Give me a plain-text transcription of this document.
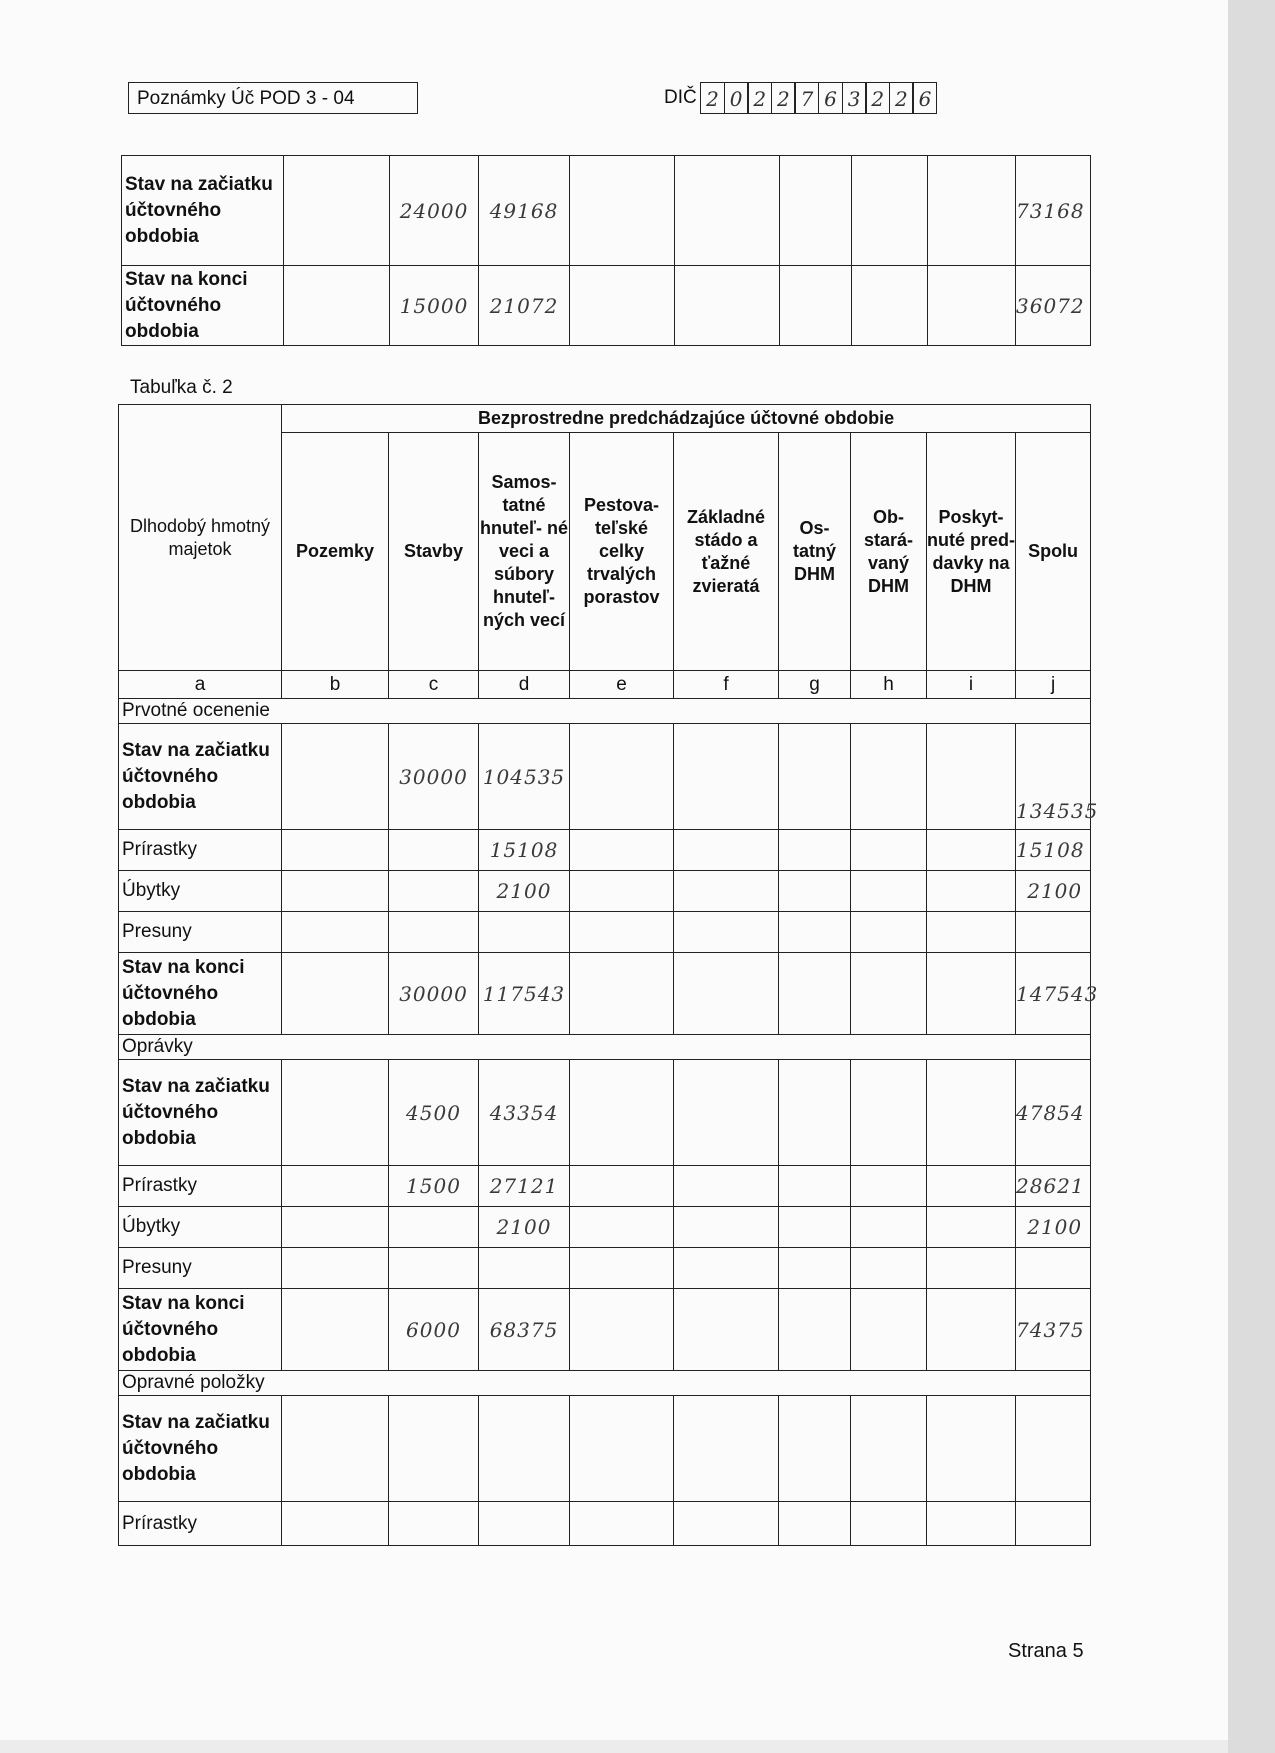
Poznámky Úč POD 3 - 04	DIČ 2 0 2 2 7 6 3 2 2 6
Stav na začiatku účtovného obdobia		24000	49168						73168
Stav na konci účtovného obdobia		15000	21072						36072
Tabuľka č. 2
Dlhodobý hmotný majetok	Bezprostredne predchádzajúce účtovné obdobie								
	Pozemky	Stavby	Samos- tatné hnuteľ- né veci a súbory hnuteľ- ných vecí	Pestova- teľské celky trvalých porastov	Základné stádo a ťažné zvieratá	Os- tatný DHM	Ob- stará- vaný DHM	Poskyt- nuté pred- davky na DHM	Spolu
a	b	c	d	e	f	g	h	i	j
Prvotné ocenenie									
Stav na začiatku účtovného obdobia		30000	104535						134535
Prírastky			15108						15108
Úbytky			2100						2100
Presuny									
Stav na konci účtovného obdobia		30000	117543						147543
Oprávky									
Stav na začiatku účtovného obdobia		4500	43354						47854
Prírastky		1500	27121						28621
Úbytky			2100						2100
Presuny									
Stav na konci účtovného obdobia		6000	68375						74375
Opravné položky									
Stav na začiatku účtovného obdobia									
Prírastky									
Strana 5
